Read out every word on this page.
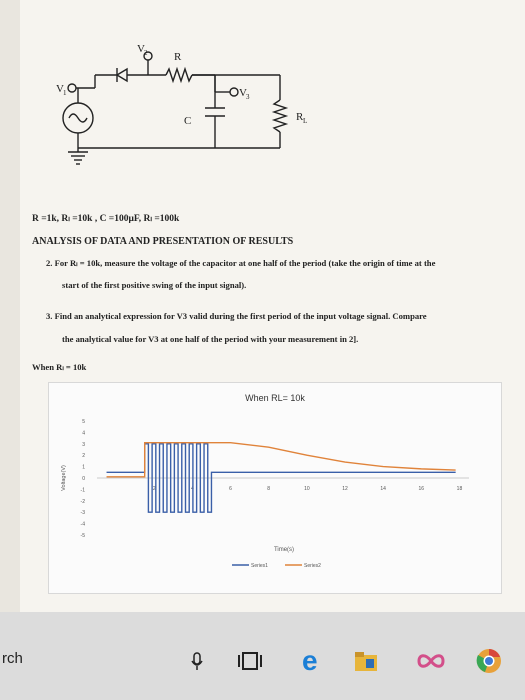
V 1
V 2 R
C
V 3
R L
R =1k, Rₗ =10k , C =100μF, Rₗ =100k
ANALYSIS OF DATA AND PRESENTATION OF RESULTS
2. For Rₗ = 10k, measure the voltage of the capacitor at one half of the period (take the origin of time at the
start of the first positive swing of the input signal).
3. Find an analytical expression for V3 valid during the first period of the input voltage signal. Compare
the analytical value for V3 at one half of the period with your measurement in 2].
When Rₗ = 10k
When RL= 10k
5
4
3
2
1
0
-1
-2
-3
-4
-5
2	4	6	8	10	12	14	16	18
Voltage(V)
Time(s)
Series1	Series2
rch	e
